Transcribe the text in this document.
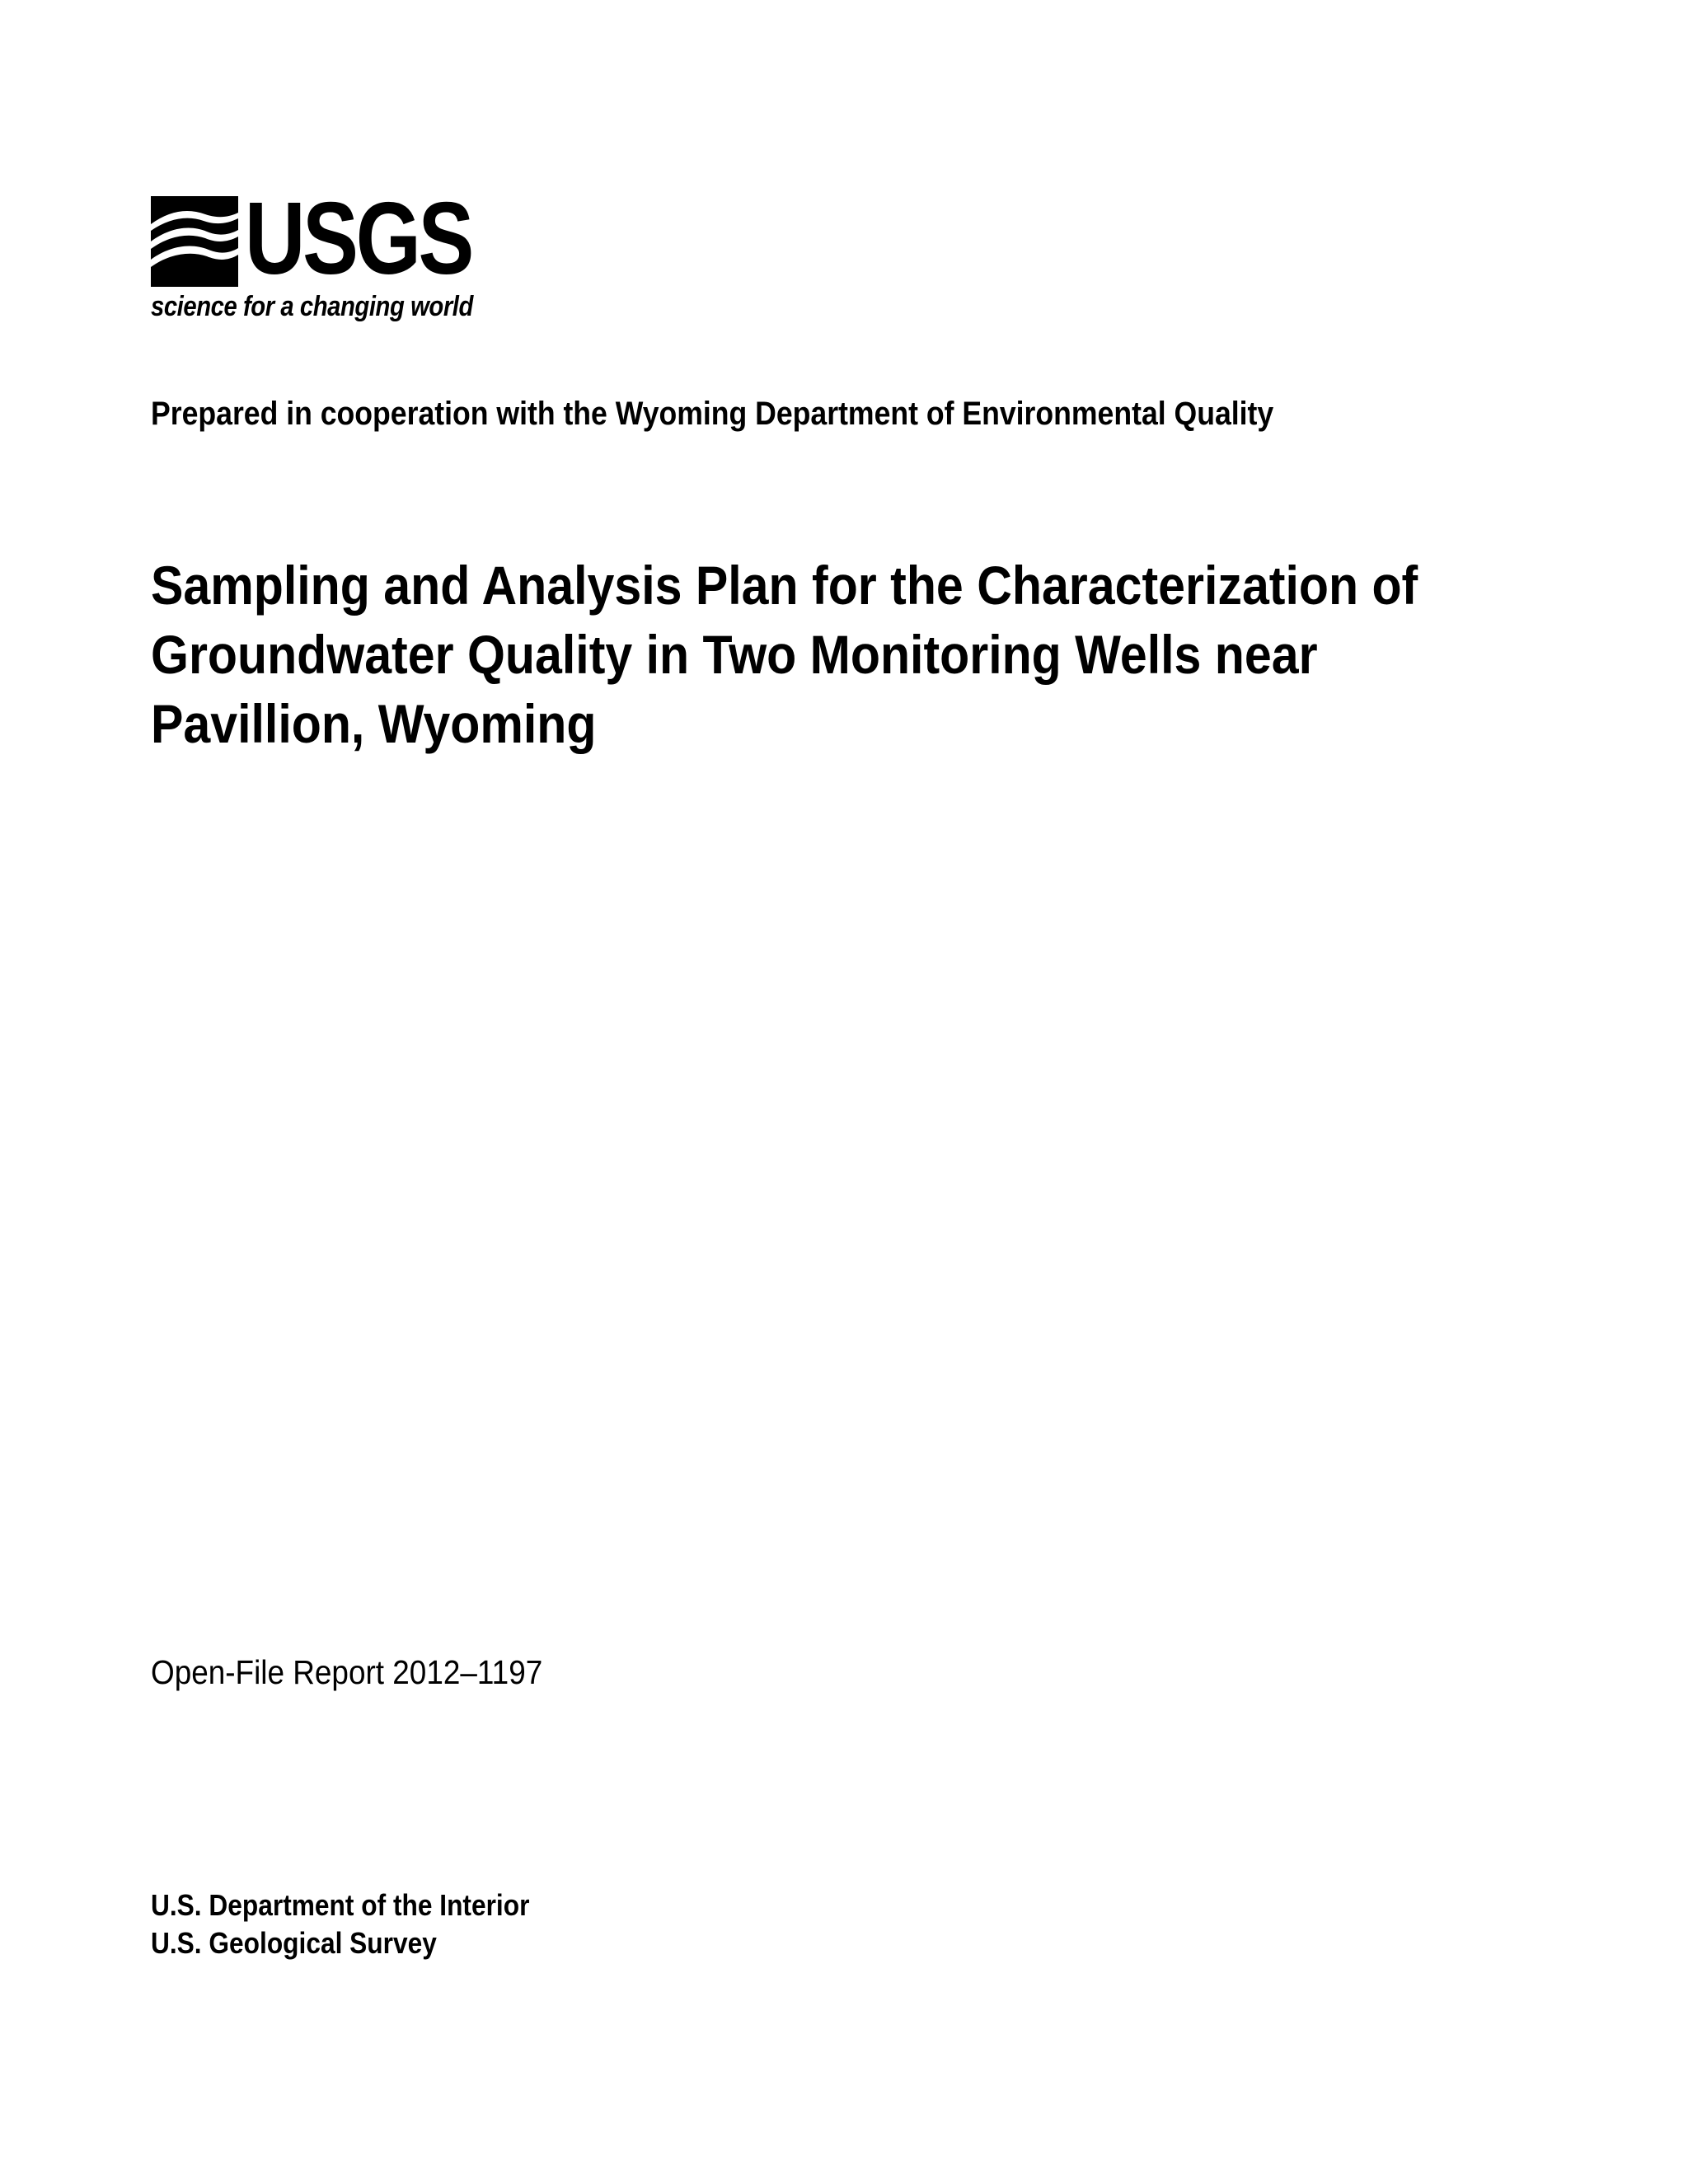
USGS
science for a changing world
Prepared in cooperation with the Wyoming Department of Environmental Quality
Sampling and Analysis Plan for the Characterization of
Groundwater Quality in Two Monitoring Wells near
Pavillion, Wyoming
Open-File Report 2012–1197
U.S. Department of the Interior
U.S. Geological Survey
